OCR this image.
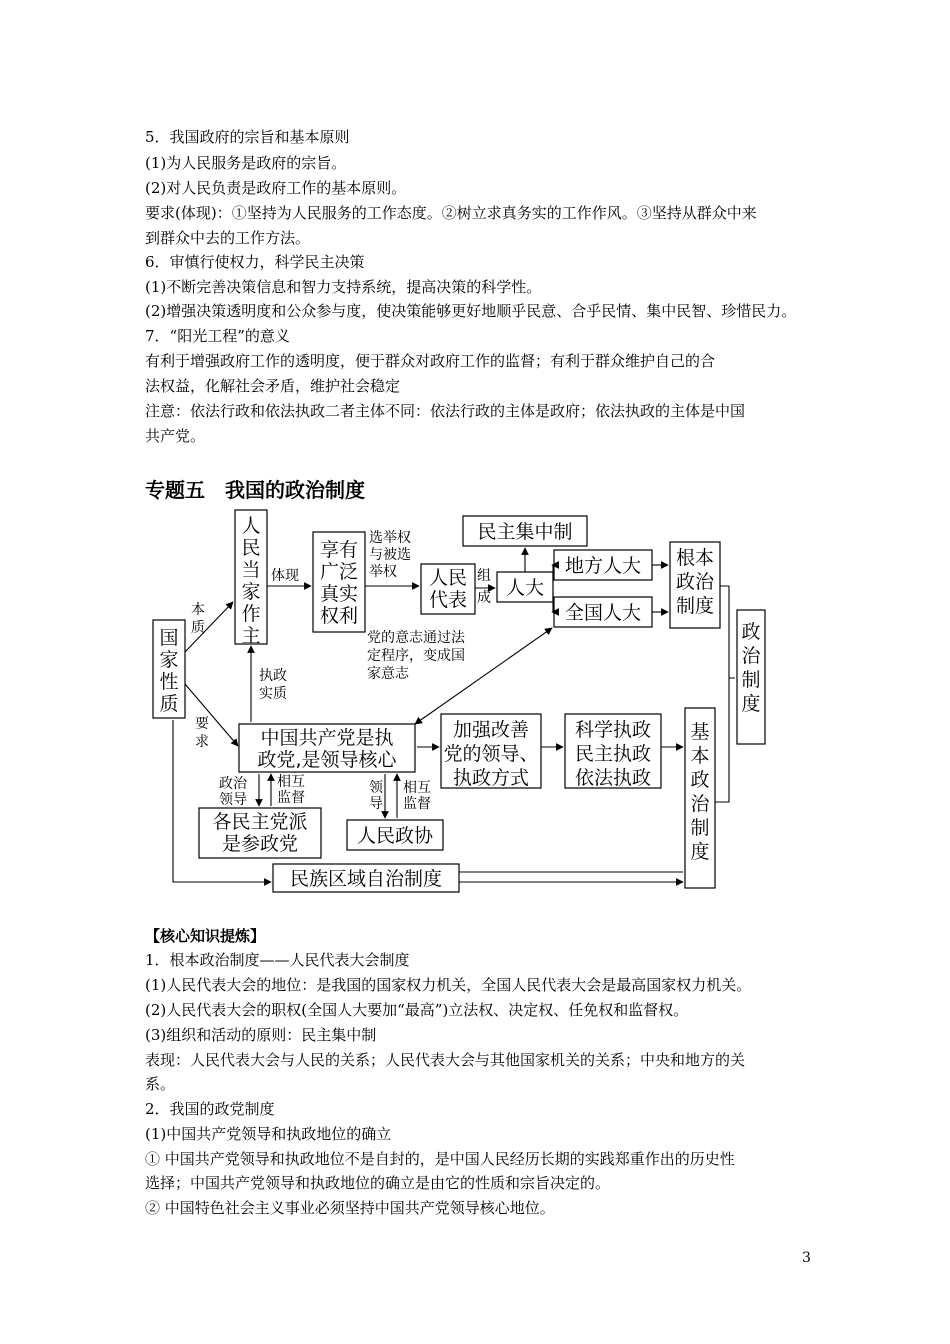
5．我国政府的宗旨和基本原则
(1)为人民服务是政府的宗旨。
(2)对人民负责是政府工作的基本原则。
要求(体现)：①坚持为人民服务的工作态度。②树立求真务实的工作作风。③坚持从群众中来
到群众中去的工作方法。
6．审慎行使权力，科学民主决策
(1)不断完善决策信息和智力支持系统，提高决策的科学性。
(2)增强决策透明度和公众参与度，使决策能够更好地顺乎民意、合乎民情、集中民智、珍惜民力。
7．“阳光工程”的意义
有利于增强政府工作的透明度，便于群众对政府工作的监督；有利于群众维护自己的合
法权益，化解社会矛盾，维护社会稳定
注意：依法行政和依法执政二者主体不同：依法行政的主体是政府；依法执政的主体是中国
共产党。
专题五　我国的政治制度
国家性质
人民当家作主
享有广泛真实权利
人民代表
人大
民主集中制
地方人大
全国人大
根本政治制度
政治制度
中国共产党是执政党,是领导核心
加强改善党的领导、执政方式
科学执政民主执政依法执政
基本政治制度
各民主党派是参政党	人民政协
民族区域自治制度
本质
要求
体现
选举权与被选举权	组成
党的意志通过法定程序，变成国家意志
执政实质
政治领导
相互监督
领导
相互监督
【核心知识提炼】
1．根本政治制度——人民代表大会制度
(1)人民代表大会的地位：是我国的国家权力机关，全国人民代表大会是最高国家权力机关。
(2)人民代表大会的职权(全国人大要加“最高”)立法权、决定权、任免权和监督权。
(3)组织和活动的原则：民主集中制
表现：人民代表大会与人民的关系；人民代表大会与其他国家机关的关系；中央和地方的关
系。
2．我国的政党制度
(1)中国共产党领导和执政地位的确立
① 中国共产党领导和执政地位不是自封的，是中国人民经历长期的实践郑重作出的历史性
选择；中国共产党领导和执政地位的确立是由它的性质和宗旨决定的。
② 中国特色社会主义事业必须坚持中国共产党领导核心地位。
3
